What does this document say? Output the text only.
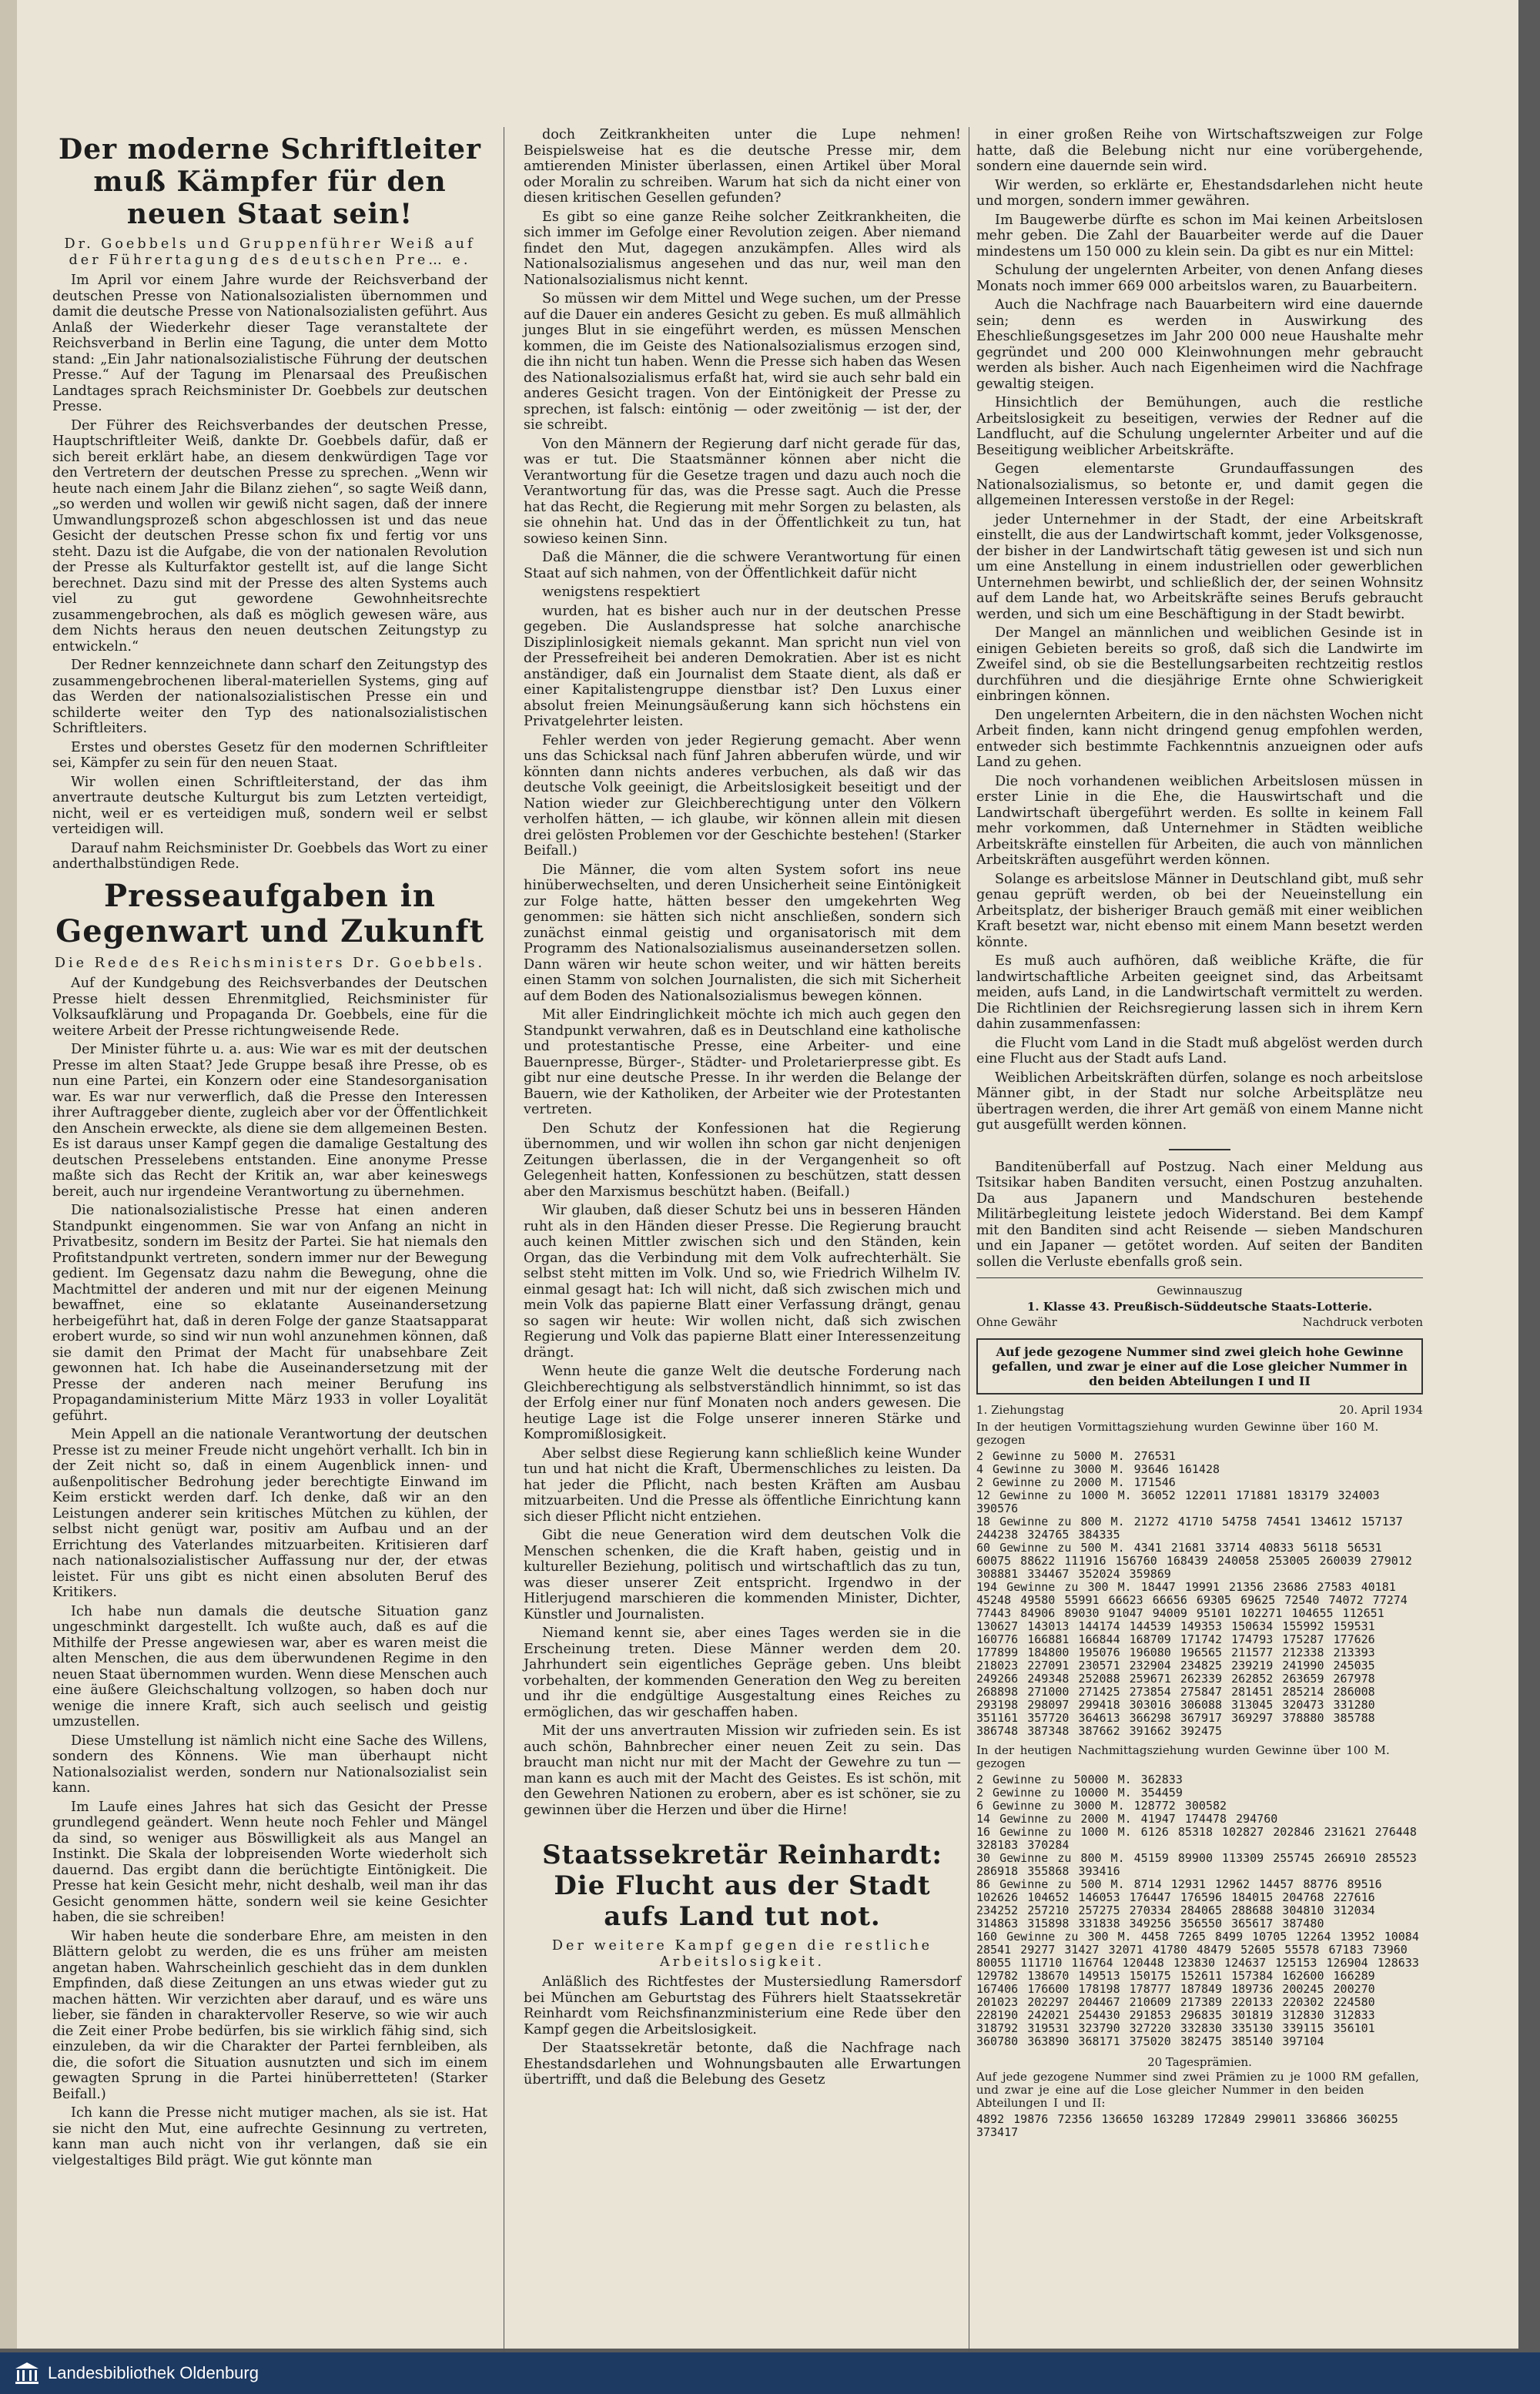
Der moderne Schriftleiter muß Kämpfer für den neuen Staat sein!
Dr. Goebbels und Gruppenführer Weiß auf der Führertagung des deutschen Pre… e.

Im April vor einem Jahre wurde der Reichsverband der deutschen Presse von Nationalsozialisten übernommen und damit die deutsche Presse von Nationalsozialisten geführt. Aus Anlaß der Wiederkehr dieser Tage veranstaltete der Reichsverband in Berlin eine Tagung, die unter dem Motto stand: „Ein Jahr nationalsozialistische Führung der deutschen Presse.“ Auf der Tagung im Plenarsaal des Preußischen Landtages sprach Reichsminister Dr. Goebbels zur deutschen Presse.

Der Führer des Reichsverbandes der deutschen Presse, Hauptschriftleiter Weiß, dankte Dr. Goebbels dafür, daß er sich bereit erklärt habe, an diesem denkwürdigen Tage vor den Vertretern der deutschen Presse zu sprechen. „Wenn wir heute nach einem Jahr die Bilanz ziehen“, so sagte Weiß dann, „so werden und wollen wir gewiß nicht sagen, daß der innere Umwandlungsprozeß schon abgeschlossen ist und das neue Gesicht der deutschen Presse schon fix und fertig vor uns steht. Dazu ist die Aufgabe, die von der nationalen Revolution der Presse als Kulturfaktor gestellt ist, auf die lange Sicht berechnet. Dazu sind mit der Presse des alten Systems auch viel zu gut gewordene Gewohnheitsrechte zusammengebrochen, als daß es möglich gewesen wäre, aus dem Nichts heraus den neuen deutschen Zeitungstyp zu entwickeln.“

Der Redner kennzeichnete dann scharf den Zeitungstyp des zusammengebrochenen liberal-materiellen Systems, ging auf das Werden der nationalsozialistischen Presse ein und schilderte weiter den Typ des nationalsozialistischen Schriftleiters.

Erstes und oberstes Gesetz für den modernen Schriftleiter sei, Kämpfer zu sein für den neuen Staat.

Wir wollen einen Schriftleiterstand, der das ihm anvertraute deutsche Kulturgut bis zum Letzten verteidigt, nicht, weil er es verteidigen muß, sondern weil er selbst verteidigen will.

Darauf nahm Reichsminister Dr. Goebbels das Wort zu einer anderthalbstündigen Rede.

Presseaufgaben in Gegenwart und Zukunft
Die Rede des Reichsministers Dr. Goebbels.

Auf der Kundgebung des Reichsverbandes der Deutschen Presse hielt dessen Ehrenmitglied, Reichsminister für Volksaufklärung und Propaganda Dr. Goebbels, eine für die weitere Arbeit der Presse richtungweisende Rede.

Der Minister führte u. a. aus: Wie war es mit der deutschen Presse im alten Staat? Jede Gruppe besaß ihre Presse, ob es nun eine Partei, ein Konzern oder eine Standesorganisation war. Es war nur verwerflich, daß die Presse den Interessen ihrer Auftraggeber diente, zugleich aber vor der Öffentlichkeit den Anschein erweckte, als diene sie dem allgemeinen Besten. Es ist daraus unser Kampf gegen die damalige Gestaltung des deutschen Presselebens entstanden. Eine anonyme Presse maßte sich das Recht der Kritik an, war aber keineswegs bereit, auch nur irgendeine Verantwortung zu übernehmen.

Die nationalsozialistische Presse hat einen anderen Standpunkt eingenommen. Sie war von Anfang an nicht in Privatbesitz, sondern im Besitz der Partei. Sie hat niemals den Profitstandpunkt vertreten, sondern immer nur der Bewegung gedient. Im Gegensatz dazu nahm die Bewegung, ohne die Machtmittel der anderen und mit nur der eigenen Meinung bewaffnet, eine so eklatante Auseinandersetzung herbeigeführt hat, daß in deren Folge der ganze Staatsapparat erobert wurde, so sind wir nun wohl anzunehmen können, daß sie damit den Primat der Macht für unabsehbare Zeit gewonnen hat. Ich habe die Auseinandersetzung mit der Presse der anderen nach meiner Berufung ins Propagandaministerium Mitte März 1933 in voller Loyalität geführt.

Mein Appell an die nationale Verantwortung der deutschen Presse ist zu meiner Freude nicht ungehört verhallt. Ich bin in der Zeit nicht so, daß in einem Augenblick innen- und außenpolitischer Bedrohung jeder berechtigte Einwand im Keim erstickt werden darf. Ich denke, daß wir an den Leistungen anderer sein kritisches Mütchen zu kühlen, der selbst nicht genügt war, positiv am Aufbau und an der Errichtung des Vaterlandes mitzuarbeiten. Kritisieren darf nach nationalsozialistischer Auffassung nur der, der etwas leistet. Für uns gibt es nicht einen absoluten Beruf des Kritikers.

Ich habe nun damals die deutsche Situation ganz ungeschminkt dargestellt. Ich wußte auch, daß es auf die Mithilfe der Presse angewiesen war, aber es waren meist die alten Menschen, die aus dem überwundenen Regime in den neuen Staat übernommen wurden. Wenn diese Menschen auch eine äußere Gleichschaltung vollzogen, so haben doch nur wenige die innere Kraft, sich auch seelisch und geistig umzustellen.

Diese Umstellung ist nämlich nicht eine Sache des Willens, sondern des Könnens. Wie man überhaupt nicht Nationalsozialist werden, sondern nur Nationalsozialist sein kann.

Im Laufe eines Jahres hat sich das Gesicht der Presse grundlegend geändert. Wenn heute noch Fehler und Mängel da sind, so weniger aus Böswilligkeit als aus Mangel an Instinkt. Die Skala der lobpreisenden Worte wiederholt sich dauernd. Das ergibt dann die berüchtigte Eintönigkeit. Die Presse hat kein Gesicht mehr, nicht deshalb, weil man ihr das Gesicht genommen hätte, sondern weil sie keine Gesichter haben, die sie schreiben!

Wir haben heute die sonderbare Ehre, am meisten in den Blättern gelobt zu werden, die es uns früher am meisten angetan haben. Wahrscheinlich geschieht das in dem dunklen Empfinden, daß diese Zeitungen an uns etwas wieder gut zu machen hätten. Wir verzichten aber darauf, und es wäre uns lieber, sie fänden in charaktervoller Reserve, so wie wir auch die Zeit einer Probe bedürfen, bis sie wirklich fähig sind, sich einzuleben, da wir die Charakter der Partei fernbleiben, als die, die sofort die Situation ausnutzten und sich im einem gewagten Sprung in die Partei hinüberretteten! (Starker Beifall.)

Ich kann die Presse nicht mutiger machen, als sie ist. Hat sie nicht den Mut, eine aufrechte Gesinnung zu vertreten, kann man auch nicht von ihr verlangen, daß sie ein vielgestaltiges Bild prägt. Wie gut könnte man

doch Zeitkrankheiten unter die Lupe nehmen! Beispielsweise hat es die deutsche Presse mir, dem amtierenden Minister überlassen, einen Artikel über Moral oder Moralin zu schreiben. Warum hat sich da nicht einer von diesen kritischen Gesellen gefunden?

Es gibt so eine ganze Reihe solcher Zeitkrankheiten, die sich immer im Gefolge einer Revolution zeigen. Aber niemand findet den Mut, dagegen anzukämpfen. Alles wird als Nationalsozialismus angesehen und das nur, weil man den Nationalsozialismus nicht kennt.

So müssen wir dem Mittel und Wege suchen, um der Presse auf die Dauer ein anderes Gesicht zu geben. Es muß allmählich junges Blut in sie eingeführt werden, es müssen Menschen kommen, die im Geiste des Nationalsozialismus erzogen sind, die ihn nicht tun haben. Wenn die Presse sich haben das Wesen des Nationalsozialismus erfaßt hat, wird sie auch sehr bald ein anderes Gesicht tragen. Von der Eintönigkeit der Presse zu sprechen, ist falsch: eintönig — oder zweitönig — ist der, der sie schreibt.

Von den Männern der Regierung darf nicht gerade für das, was er tut. Die Staatsmänner können aber nicht die Verantwortung für die Gesetze tragen und dazu auch noch die Verantwortung für das, was die Presse sagt. Auch die Presse hat das Recht, die Regierung mit mehr Sorgen zu belasten, als sie ohnehin hat. Und das in der Öffentlichkeit zu tun, hat sowieso keinen Sinn.

Daß die Männer, die die schwere Verantwortung für einen Staat auf sich nahmen, von der Öffentlichkeit dafür nicht

wenigstens respektiert

wurden, hat es bisher auch nur in der deutschen Presse gegeben. Die Auslandspresse hat solche anarchische Disziplinlosigkeit niemals gekannt. Man spricht nun viel von der Pressefreiheit bei anderen Demokratien. Aber ist es nicht anständiger, daß ein Journalist dem Staate dient, als daß er einer Kapitalistengruppe dienstbar ist? Den Luxus einer absolut freien Meinungsäußerung kann sich höchstens ein Privatgelehrter leisten.

Fehler werden von jeder Regierung gemacht. Aber wenn uns das Schicksal nach fünf Jahren abberufen würde, und wir könnten dann nichts anderes verbuchen, als daß wir das deutsche Volk geeinigt, die Arbeitslosigkeit beseitigt und der Nation wieder zur Gleichberechtigung unter den Völkern verholfen hätten, — ich glaube, wir können allein mit diesen drei gelösten Problemen vor der Geschichte bestehen! (Starker Beifall.)

Die Männer, die vom alten System sofort ins neue hinüberwechselten, und deren Unsicherheit seine Eintönigkeit zur Folge hatte, hätten besser den umgekehrten Weg genommen: sie hätten sich nicht anschließen, sondern sich zunächst einmal geistig und organisatorisch mit dem Programm des Nationalsozialismus auseinandersetzen sollen. Dann wären wir heute schon weiter, und wir hätten bereits einen Stamm von solchen Journalisten, die sich mit Sicherheit auf dem Boden des Nationalsozialismus bewegen können.

Mit aller Eindringlichkeit möchte ich mich auch gegen den Standpunkt verwahren, daß es in Deutschland eine katholische und protestantische Presse, eine Arbeiter- und eine Bauernpresse, Bürger-, Städter- und Proletarierpresse gibt. Es gibt nur eine deutsche Presse. In ihr werden die Belange der Bauern, wie der Katholiken, der Arbeiter wie der Protestanten vertreten.

Den Schutz der Konfessionen hat die Regierung übernommen, und wir wollen ihn schon gar nicht denjenigen Zeitungen überlassen, die in der Vergangenheit so oft Gelegenheit hatten, Konfessionen zu beschützen, statt dessen aber den Marxismus beschützt haben. (Beifall.)

Wir glauben, daß dieser Schutz bei uns in besseren Händen ruht als in den Händen dieser Presse. Die Regierung braucht auch keinen Mittler zwischen sich und den Ständen, kein Organ, das die Verbindung mit dem Volk aufrechterhält. Sie selbst steht mitten im Volk. Und so, wie Friedrich Wilhelm IV. einmal gesagt hat: Ich will nicht, daß sich zwischen mich und mein Volk das papierne Blatt einer Verfassung drängt, genau so sagen wir heute: Wir wollen nicht, daß sich zwischen Regierung und Volk das papierne Blatt einer Interessenzeitung drängt.

Wenn heute die ganze Welt die deutsche Forderung nach Gleichberechtigung als selbstverständlich hinnimmt, so ist das der Erfolg einer nur fünf Monaten noch anders gewesen. Die heutige Lage ist die Folge unserer inneren Stärke und Kompromißlosigkeit.

Aber selbst diese Regierung kann schließlich keine Wunder tun und hat nicht die Kraft, Übermenschliches zu leisten. Da hat jeder die Pflicht, nach besten Kräften am Ausbau mitzuarbeiten. Und die Presse als öffentliche Einrichtung kann sich dieser Pflicht nicht entziehen.

Gibt die neue Generation wird dem deutschen Volk die Menschen schenken, die die Kraft haben, geistig und in kultureller Beziehung, politisch und wirtschaftlich das zu tun, was dieser unserer Zeit entspricht. Irgendwo in der Hitlerjugend marschieren die kommenden Minister, Dichter, Künstler und Journalisten.

Niemand kennt sie, aber eines Tages werden sie in die Erscheinung treten. Diese Männer werden dem 20. Jahrhundert sein eigentliches Gepräge geben. Uns bleibt vorbehalten, der kommenden Generation den Weg zu bereiten und ihr die endgültige Ausgestaltung eines Reiches zu ermöglichen, das wir geschaffen haben.

Mit der uns anvertrauten Mission wir zufrieden sein. Es ist auch schön, Bahnbrecher einer neuen Zeit zu sein. Das braucht man nicht nur mit der Macht der Gewehre zu tun — man kann es auch mit der Macht des Geistes. Es ist schön, mit den Gewehren Nationen zu erobern, aber es ist schöner, sie zu gewinnen über die Herzen und über die Hirne!

Staatssekretär Reinhardt: Die Flucht aus der Stadt aufs Land tut not.
Der weitere Kampf gegen die restliche Arbeitslosigkeit.

Anläßlich des Richtfestes der Mustersiedlung Ramersdorf bei München am Geburtstag des Führers hielt Staatssekretär Reinhardt vom Reichsfinanzministerium eine Rede über den Kampf gegen die Arbeitslosigkeit.

Der Staatssekretär betonte, daß die Nachfrage nach Ehestandsdarlehen und Wohnungsbauten alle Erwartungen übertrifft, und daß die Belebung des Gesetz

in einer großen Reihe von Wirtschaftszweigen zur Folge hatte, daß die Belebung nicht nur eine vorübergehende, sondern eine dauernde sein wird.

Wir werden, so erklärte er, Ehestandsdarlehen nicht heute und morgen, sondern immer gewähren.

Im Baugewerbe dürfte es schon im Mai keinen Arbeitslosen mehr geben. Die Zahl der Bauarbeiter werde auf die Dauer mindestens um 150 000 zu klein sein. Da gibt es nur ein Mittel:

Schulung der ungelernten Arbeiter, von denen Anfang dieses Monats noch immer 669 000 arbeitslos waren, zu Bauarbeitern.

Auch die Nachfrage nach Bauarbeitern wird eine dauernde sein; denn es werden in Auswirkung des Eheschließungsgesetzes im Jahr 200 000 neue Haushalte mehr gegründet und 200 000 Kleinwohnungen mehr gebraucht werden als bisher. Auch nach Eigenheimen wird die Nachfrage gewaltig steigen.

Hinsichtlich der Bemühungen, auch die restliche Arbeitslosigkeit zu beseitigen, verwies der Redner auf die Landflucht, auf die Schulung ungelernter Arbeiter und auf die Beseitigung weiblicher Arbeitskräfte.

Gegen elementarste Grundauffassungen des Nationalsozialismus, so betonte er, und damit gegen die allgemeinen Interessen verstoße in der Regel:

jeder Unternehmer in der Stadt, der eine Arbeitskraft einstellt, die aus der Landwirtschaft kommt, jeder Volksgenosse, der bisher in der Landwirtschaft tätig gewesen ist und sich nun um eine Anstellung in einem industriellen oder gewerblichen Unternehmen bewirbt, und schließlich der, der seinen Wohnsitz auf dem Lande hat, wo Arbeitskräfte seines Berufs gebraucht werden, und sich um eine Beschäftigung in der Stadt bewirbt.

Der Mangel an männlichen und weiblichen Gesinde ist in einigen Gebieten bereits so groß, daß sich die Landwirte im Zweifel sind, ob sie die Bestellungsarbeiten rechtzeitig restlos durchführen und die diesjährige Ernte ohne Schwierigkeit einbringen können.

Den ungelernten Arbeitern, die in den nächsten Wochen nicht Arbeit finden, kann nicht dringend genug empfohlen werden, entweder sich bestimmte Fachkenntnis anzueignen oder aufs Land zu gehen.

Die noch vorhandenen weiblichen Arbeitslosen müssen in erster Linie in die Ehe, die Hauswirtschaft und die Landwirtschaft übergeführt werden. Es sollte in keinem Fall mehr vorkommen, daß Unternehmer in Städten weibliche Arbeitskräfte einstellen für Arbeiten, die auch von männlichen Arbeitskräften ausgeführt werden können.

Solange es arbeitslose Männer in Deutschland gibt, muß sehr genau geprüft werden, ob bei der Neueinstellung ein Arbeitsplatz, der bisheriger Brauch gemäß mit einer weiblichen Kraft besetzt war, nicht ebenso mit einem Mann besetzt werden könnte.

Es muß auch aufhören, daß weibliche Kräfte, die für landwirtschaftliche Arbeiten geeignet sind, das Arbeitsamt meiden, aufs Land, in die Landwirtschaft vermittelt zu werden. Die Richtlinien der Reichsregierung lassen sich in ihrem Kern dahin zusammenfassen:

die Flucht vom Land in die Stadt muß abgelöst werden durch eine Flucht aus der Stadt aufs Land.

Weiblichen Arbeitskräften dürfen, solange es noch arbeitslose Männer gibt, in der Stadt nur solche Arbeitsplätze neu übertragen werden, die ihrer Art gemäß von einem Manne nicht gut ausgefüllt werden können.

Banditenüberfall auf Postzug. Nach einer Meldung aus Tsitsikar haben Banditen versucht, einen Postzug anzuhalten. Da aus Japanern und Mandschuren bestehende Militärbegleitung leistete jedoch Widerstand. Bei dem Kampf mit den Banditen sind acht Reisende — sieben Mandschuren und ein Japaner — getötet worden. Auf seiten der Banditen sollen die Verluste ebenfalls groß sein.

Gewinnauszug
1. Klasse 43. Preußisch-Süddeutsche Staats-Lotterie.
Ohne Gewähr	Nachdruck verboten
Auf jede gezogene Nummer sind zwei gleich hohe Gewinne gefallen, und zwar je einer auf die Lose gleicher Nummer in den beiden Abteilungen I und II
1. Ziehungstag	20. April 1934
In der heutigen Vormittagsziehung wurden Gewinne über 160 M. gezogen
2 Gewinne zu 5000 M. 276531
4 Gewinne zu 3000 M. 93646 161428
2 Gewinne zu 2000 M. 171546
12 Gewinne zu 1000 M. 36052 122011 171881 183179 324003 390576
18 Gewinne zu 800 M. 21272 41710 54758 74541 134612 157137 244238 324765 384335
60 Gewinne zu 500 M. 4341 21681 33714 40833 56118 56531 60075 88622 111916 156760 168439 240058 253005 260039 279012 308881 334467 352024 359869
194 Gewinne zu 300 M. 18447 19991 21356 23686 27583 40181 45248 49580 55991 66623 66656 69305 69625 72540 74072 77274 77443 84906 89030 91047 94009 95101 102271 104655 112651 130627 143013 144174 144539 149353 150634 155992 159531 160776 166881 166844 168709 171742 174793 175287 177626 177899 184800 195076 196080 196565 211577 212338 213393 218023 227091 230571 232904 234825 239219 241990 245035 249266 249348 252088 259671 262339 262852 263659 267978 268898 271000 271425 273854 275847 281451 285214 286008 293198 298097 299418 303016 306088 313045 320473 331280 351161 357720 364613 366298 367917 369297 378880 385788 386748 387348 387662 391662 392475
In der heutigen Nachmittagsziehung wurden Gewinne über 100 M. gezogen
2 Gewinne zu 50000 M. 362833
2 Gewinne zu 10000 M. 354459
6 Gewinne zu 3000 M. 128772 300582
14 Gewinne zu 2000 M. 41947 174478 294760
16 Gewinne zu 1000 M. 6126 85318 102827 202846 231621 276448 328183 370284
30 Gewinne zu 800 M. 45159 89900 113309 255745 266910 285523 286918 355868 393416
86 Gewinne zu 500 M. 8714 12931 12962 14457 88776 89516 102626 104652 146053 176447 176596 184015 204768 227616 234252 257210 257275 270334 284065 288688 304810 312034 314863 315898 331838 349256 356550 365617 387480
160 Gewinne zu 300 M. 4458 7265 8499 10705 12264 13952 10084 28541 29277 31427 32071 41780 48479 52605 55578 67183 73960 80055 111710 116764 120448 123830 124637 125153 126904 128633 129782 138670 149513 150175 152611 157384 162600 166289 167406 176600 178198 178777 187849 189736 200245 200270 201023 202297 204467 210609 217389 220133 220302 224580 228190 242021 254430 291853 296835 301819 312830 312833 318792 319531 323790 327220 332830 335130 339115 356101 360780 363890 368171 375020 382475 385140 397104
20 Tagesprämien.
Auf jede gezogene Nummer sind zwei Prämien zu je 1000 RM gefallen, und zwar je eine auf die Lose gleicher Nummer in den beiden Abteilungen I und II:
4892 19876 72356 136650 163289 172849 299011 336866 360255 373417
Landesbibliothek Oldenburg
